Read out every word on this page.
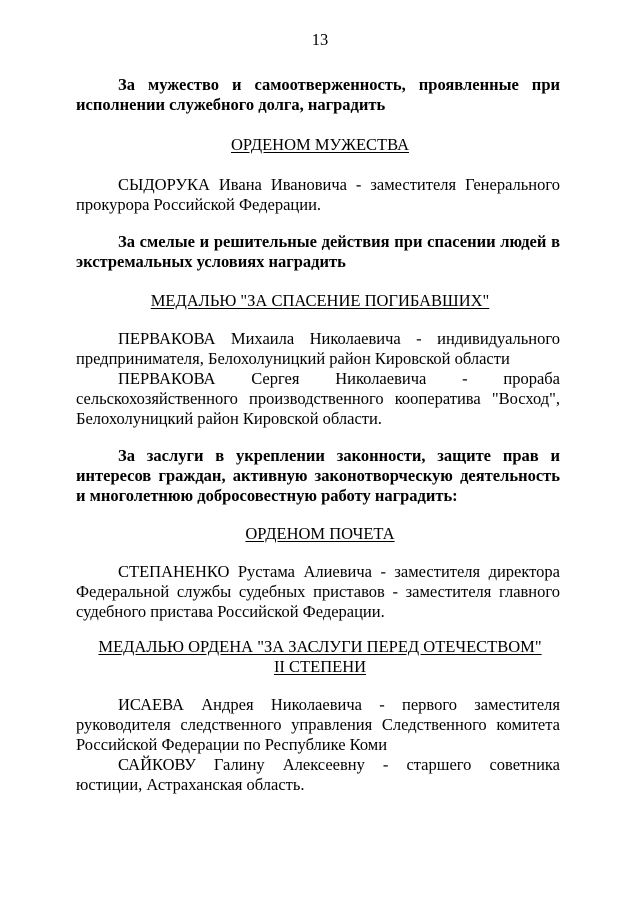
13

За мужество и самоотверженность, проявленные при исполнении служебного долга, наградить

ОРДЕНОМ МУЖЕСТВА

СЫДОРУКА Ивана Ивановича - заместителя Генерального прокурора Российской Федерации.

За смелые и решительные действия при спасении людей в экстремальных условиях наградить

МЕДАЛЬЮ "ЗА СПАСЕНИЕ ПОГИБАВШИХ"

ПЕРВАКОВА Михаила Николаевича - индивидуального предпринимателя, Белохолуницкий район Кировской области

ПЕРВАКОВА Сергея Николаевича - прораба сельскохозяйственного производственного кооператива "Восход", Белохолуницкий район Кировской области.

За заслуги в укреплении законности, защите прав и интересов граждан, активную законотворческую деятельность и многолетнюю добросовестную работу наградить:

ОРДЕНОМ ПОЧЕТА

СТЕПАНЕНКО Рустама Алиевича - заместителя директора Федеральной службы судебных приставов - заместителя главного судебного пристава Российской Федерации.

МЕДАЛЬЮ ОРДЕНА "ЗА ЗАСЛУГИ ПЕРЕД ОТЕЧЕСТВОМ"

II СТЕПЕНИ

ИСАЕВА Андрея Николаевича - первого заместителя руководителя следственного управления Следственного комитета Российской Федерации по Республике Коми

САЙКОВУ Галину Алексеевну - старшего советника юстиции, Астраханская область.
